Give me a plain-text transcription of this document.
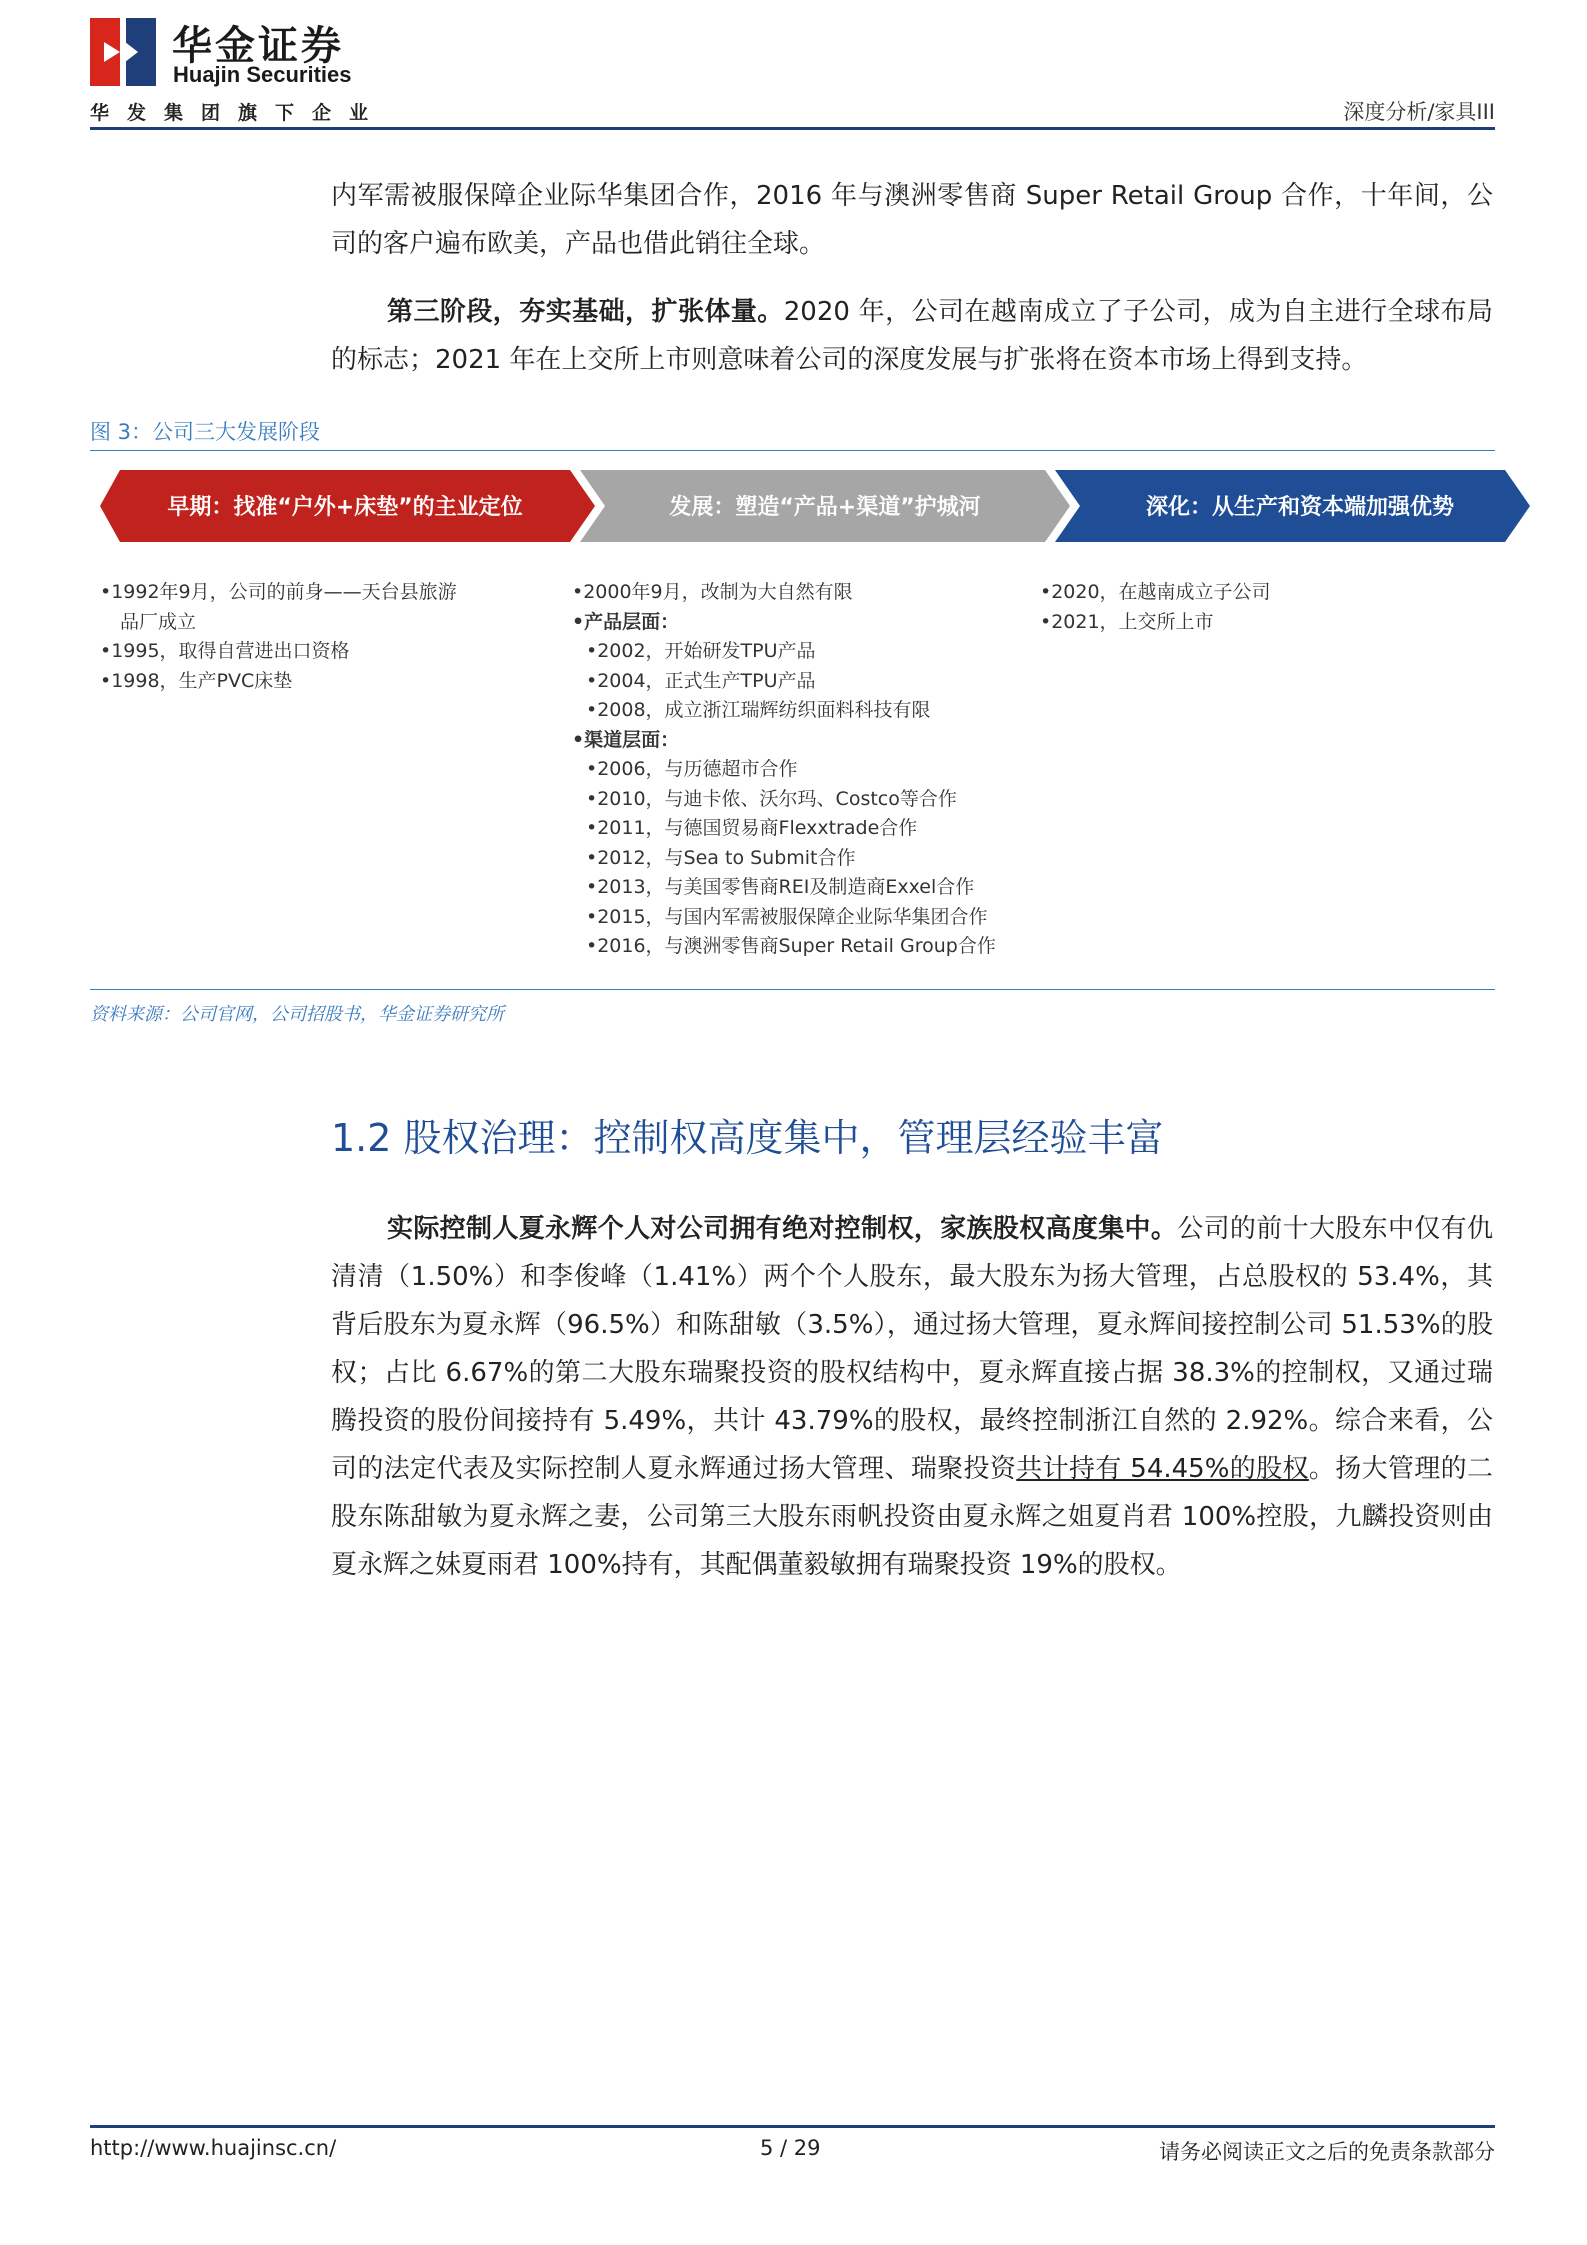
华金证券
Huajin Securities
华发集团旗下企业	深度分析/家具III
内军需被服保障企业际华集团合作，2016 年与澳洲零售商 Super Retail Group 合作，十年间，公司的客户遍布欧美，产品也借此销往全球。
第三阶段，夯实基础，扩张体量。2020 年，公司在越南成立了子公司，成为自主进行全球布局的标志；2021 年在上交所上市则意味着公司的深度发展与扩张将在资本市场上得到支持。
图 3：公司三大发展阶段
早期：找准“户外+床垫”的主业定位	发展：塑造“产品+渠道”护城河	深化：从生产和资本端加强优势
•1992年9月，公司的前身——天台县旅游
品厂成立
•1995，取得自营进出口资格
•1998，生产PVC床垫
•2000年9月，改制为大自然有限
•产品层面：
•2002，开始研发TPU产品
•2004，正式生产TPU产品
•2008，成立浙江瑞辉纺织面料科技有限
•渠道层面：
•2006，与历德超市合作
•2010，与迪卡侬、沃尔玛、Costco等合作
•2011，与德国贸易商Flexxtrade合作
•2012，与Sea to Submit合作
•2013，与美国零售商REI及制造商Exxel合作
•2015，与国内军需被服保障企业际华集团合作
•2016，与澳洲零售商Super Retail Group合作
•2020，在越南成立子公司
•2021，上交所上市
资料来源：公司官网，公司招股书，华金证券研究所
1.2 股权治理：控制权高度集中，管理层经验丰富
实际控制人夏永辉个人对公司拥有绝对控制权，家族股权高度集中。公司的前十大股东中仅有仇清清（1.50%）和李俊峰（1.41%）两个个人股东，最大股东为扬大管理，占总股权的 53.4%，其背后股东为夏永辉（96.5%）和陈甜敏（3.5%），通过扬大管理，夏永辉间接控制公司 51.53%的股权；占比 6.67%的第二大股东瑞聚投资的股权结构中，夏永辉直接占据 38.3%的控制权，又通过瑞腾投资的股份间接持有 5.49%，共计 43.79%的股权，最终控制浙江自然的 2.92%。综合来看，公司的法定代表及实际控制人夏永辉通过扬大管理、瑞聚投资共计持有 54.45%的股权。扬大管理的二股东陈甜敏为夏永辉之妻，公司第三大股东雨帆投资由夏永辉之姐夏肖君 100%控股，九麟投资则由夏永辉之妹夏雨君 100%持有，其配偶董毅敏拥有瑞聚投资 19%的股权。
http://www.huajinsc.cn/	5 / 29	请务必阅读正文之后的免责条款部分
